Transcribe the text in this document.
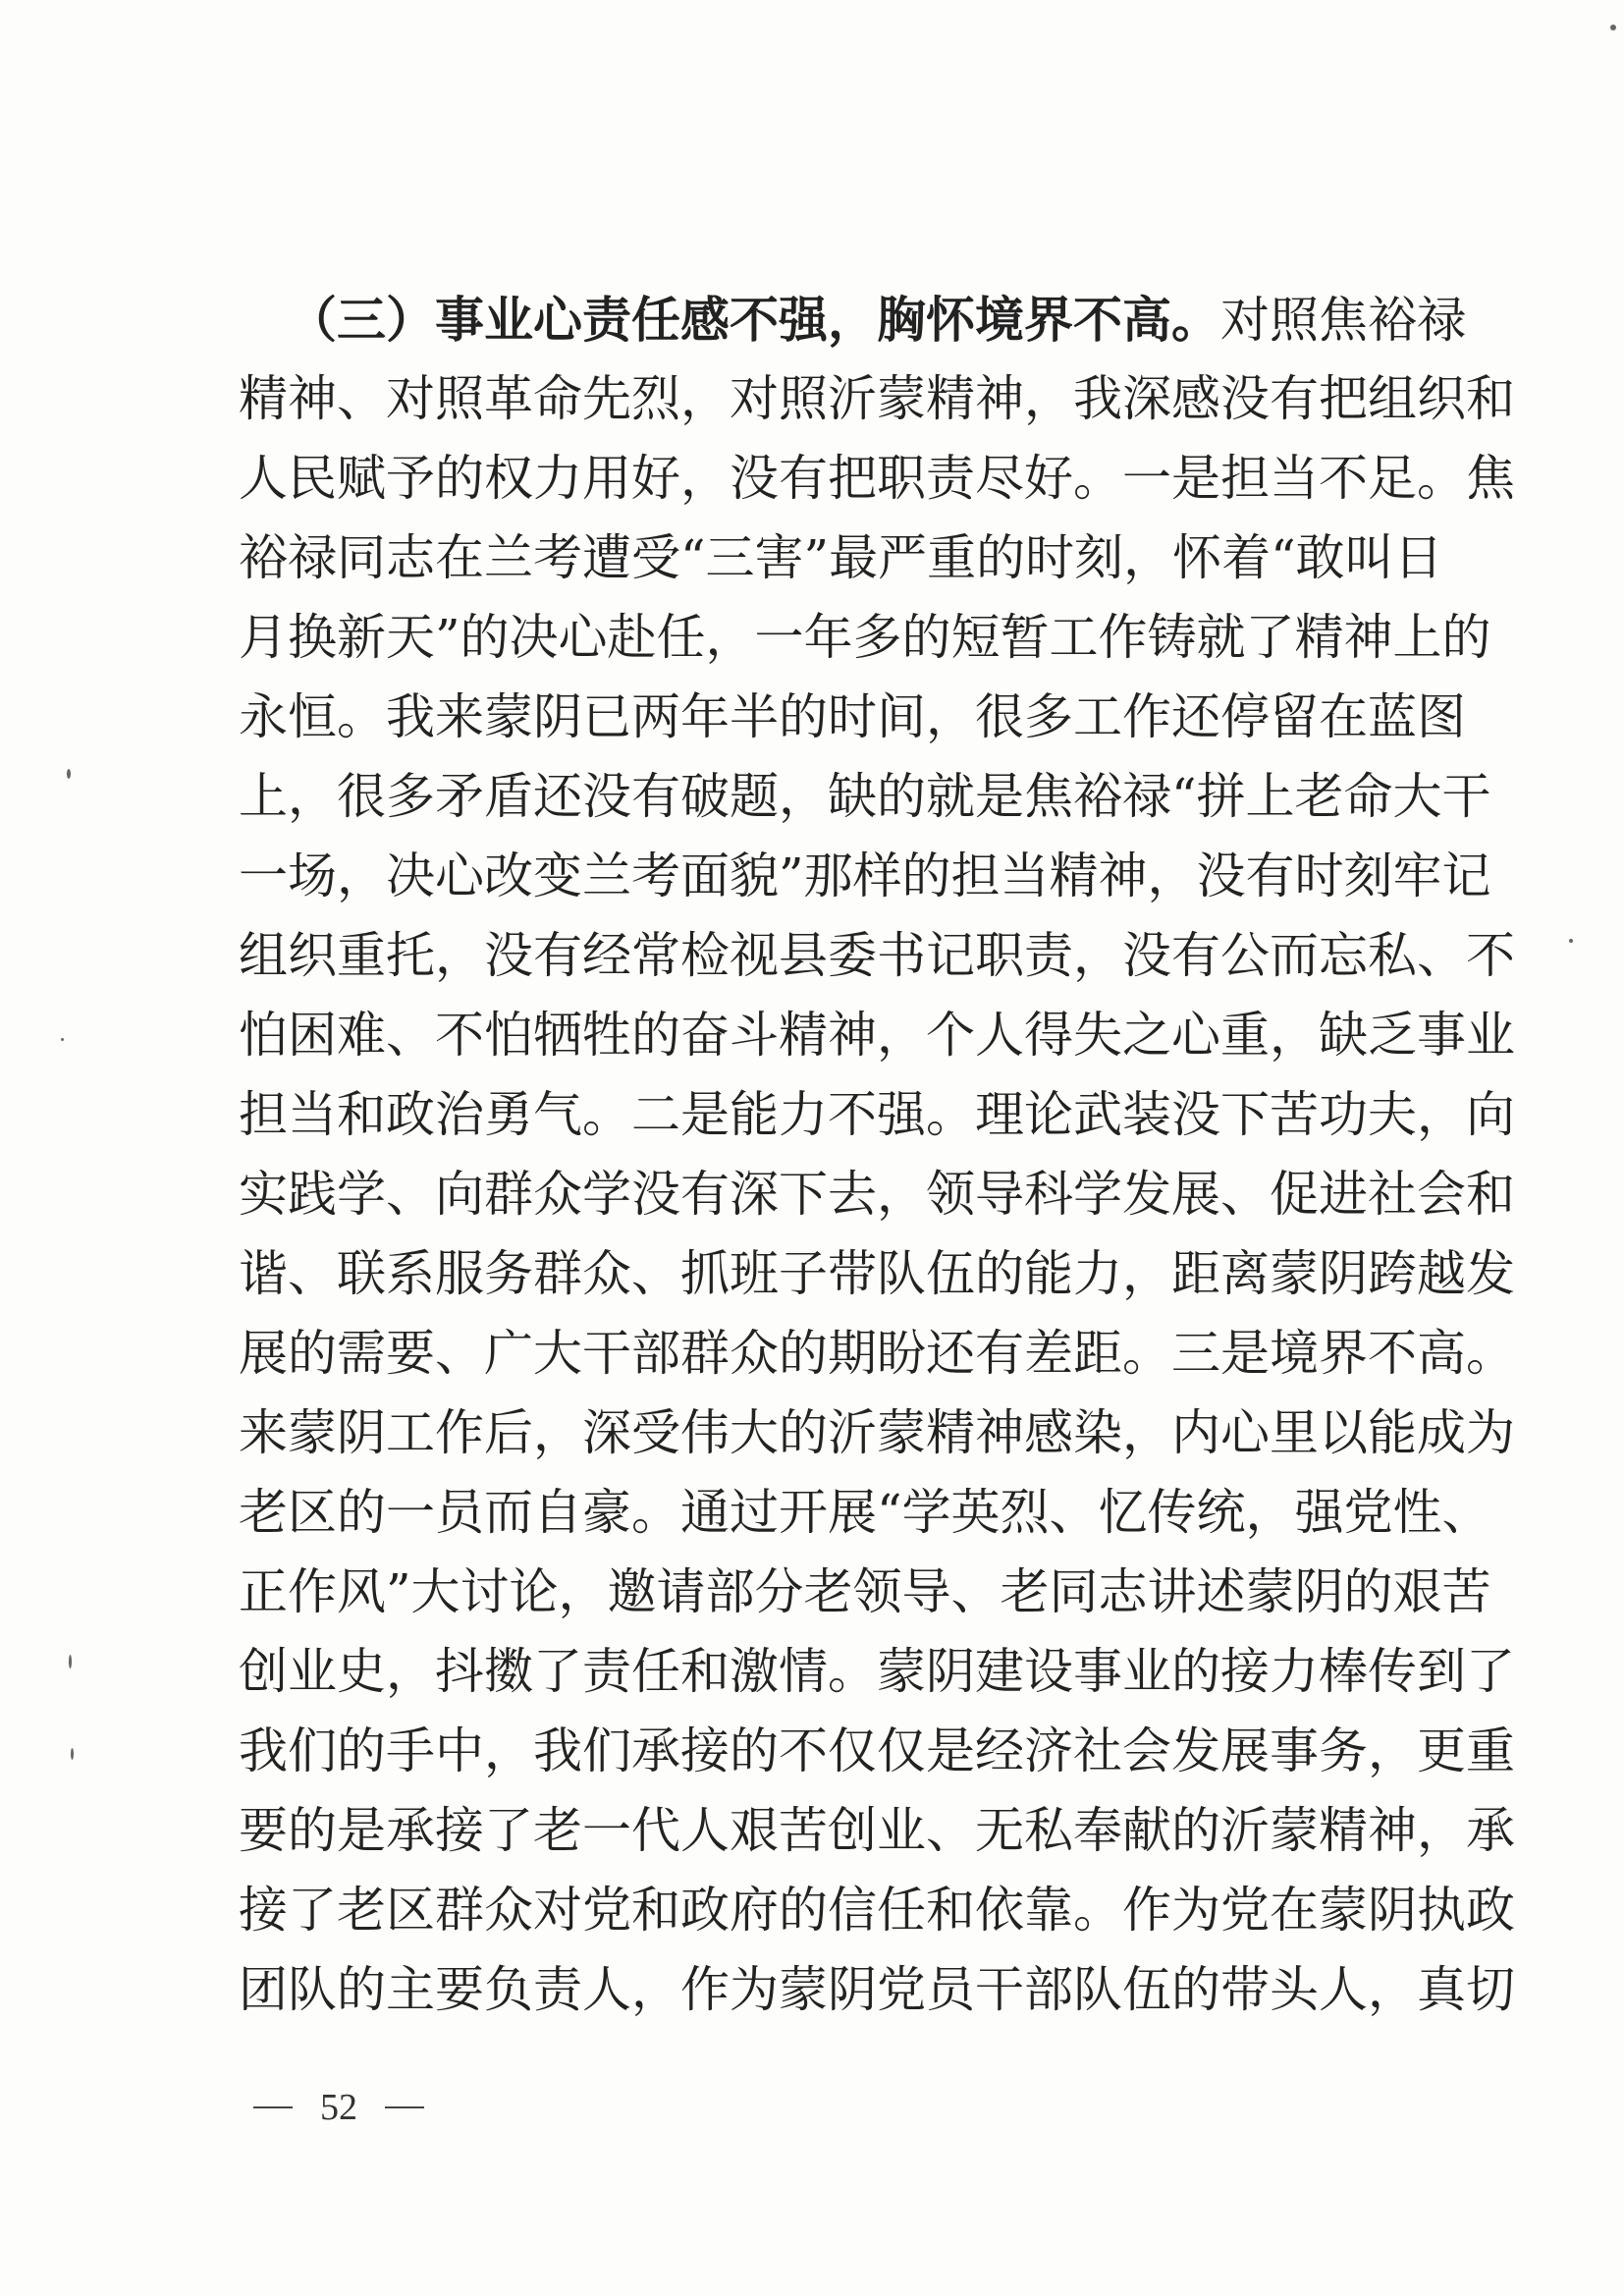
（三）事业心责任感不强，胸怀境界不高。对照焦裕禄
精神、对照革命先烈，对照沂蒙精神，我深感没有把组织和
人民赋予的权力用好，没有把职责尽好。一是担当不足。焦
裕禄同志在兰考遭受“三害”最严重的时刻，怀着“敢叫日
月换新天”的决心赴任，一年多的短暂工作铸就了精神上的
永恒。我来蒙阴已两年半的时间，很多工作还停留在蓝图
上，很多矛盾还没有破题，缺的就是焦裕禄“拼上老命大干
一场，决心改变兰考面貌”那样的担当精神，没有时刻牢记
组织重托，没有经常检视县委书记职责，没有公而忘私、不
怕困难、不怕牺牲的奋斗精神，个人得失之心重，缺乏事业
担当和政治勇气。二是能力不强。理论武装没下苦功夫，向
实践学、向群众学没有深下去，领导科学发展、促进社会和
谐、联系服务群众、抓班子带队伍的能力，距离蒙阴跨越发
展的需要、广大干部群众的期盼还有差距。三是境界不高。
来蒙阴工作后，深受伟大的沂蒙精神感染，内心里以能成为
老区的一员而自豪。通过开展“学英烈、忆传统，强党性、
正作风”大讨论，邀请部分老领导、老同志讲述蒙阴的艰苦
创业史，抖擞了责任和激情。蒙阴建设事业的接力棒传到了
我们的手中，我们承接的不仅仅是经济社会发展事务，更重
要的是承接了老一代人艰苦创业、无私奉献的沂蒙精神，承
接了老区群众对党和政府的信任和依靠。作为党在蒙阴执政
团队的主要负责人，作为蒙阴党员干部队伍的带头人，真切
52
